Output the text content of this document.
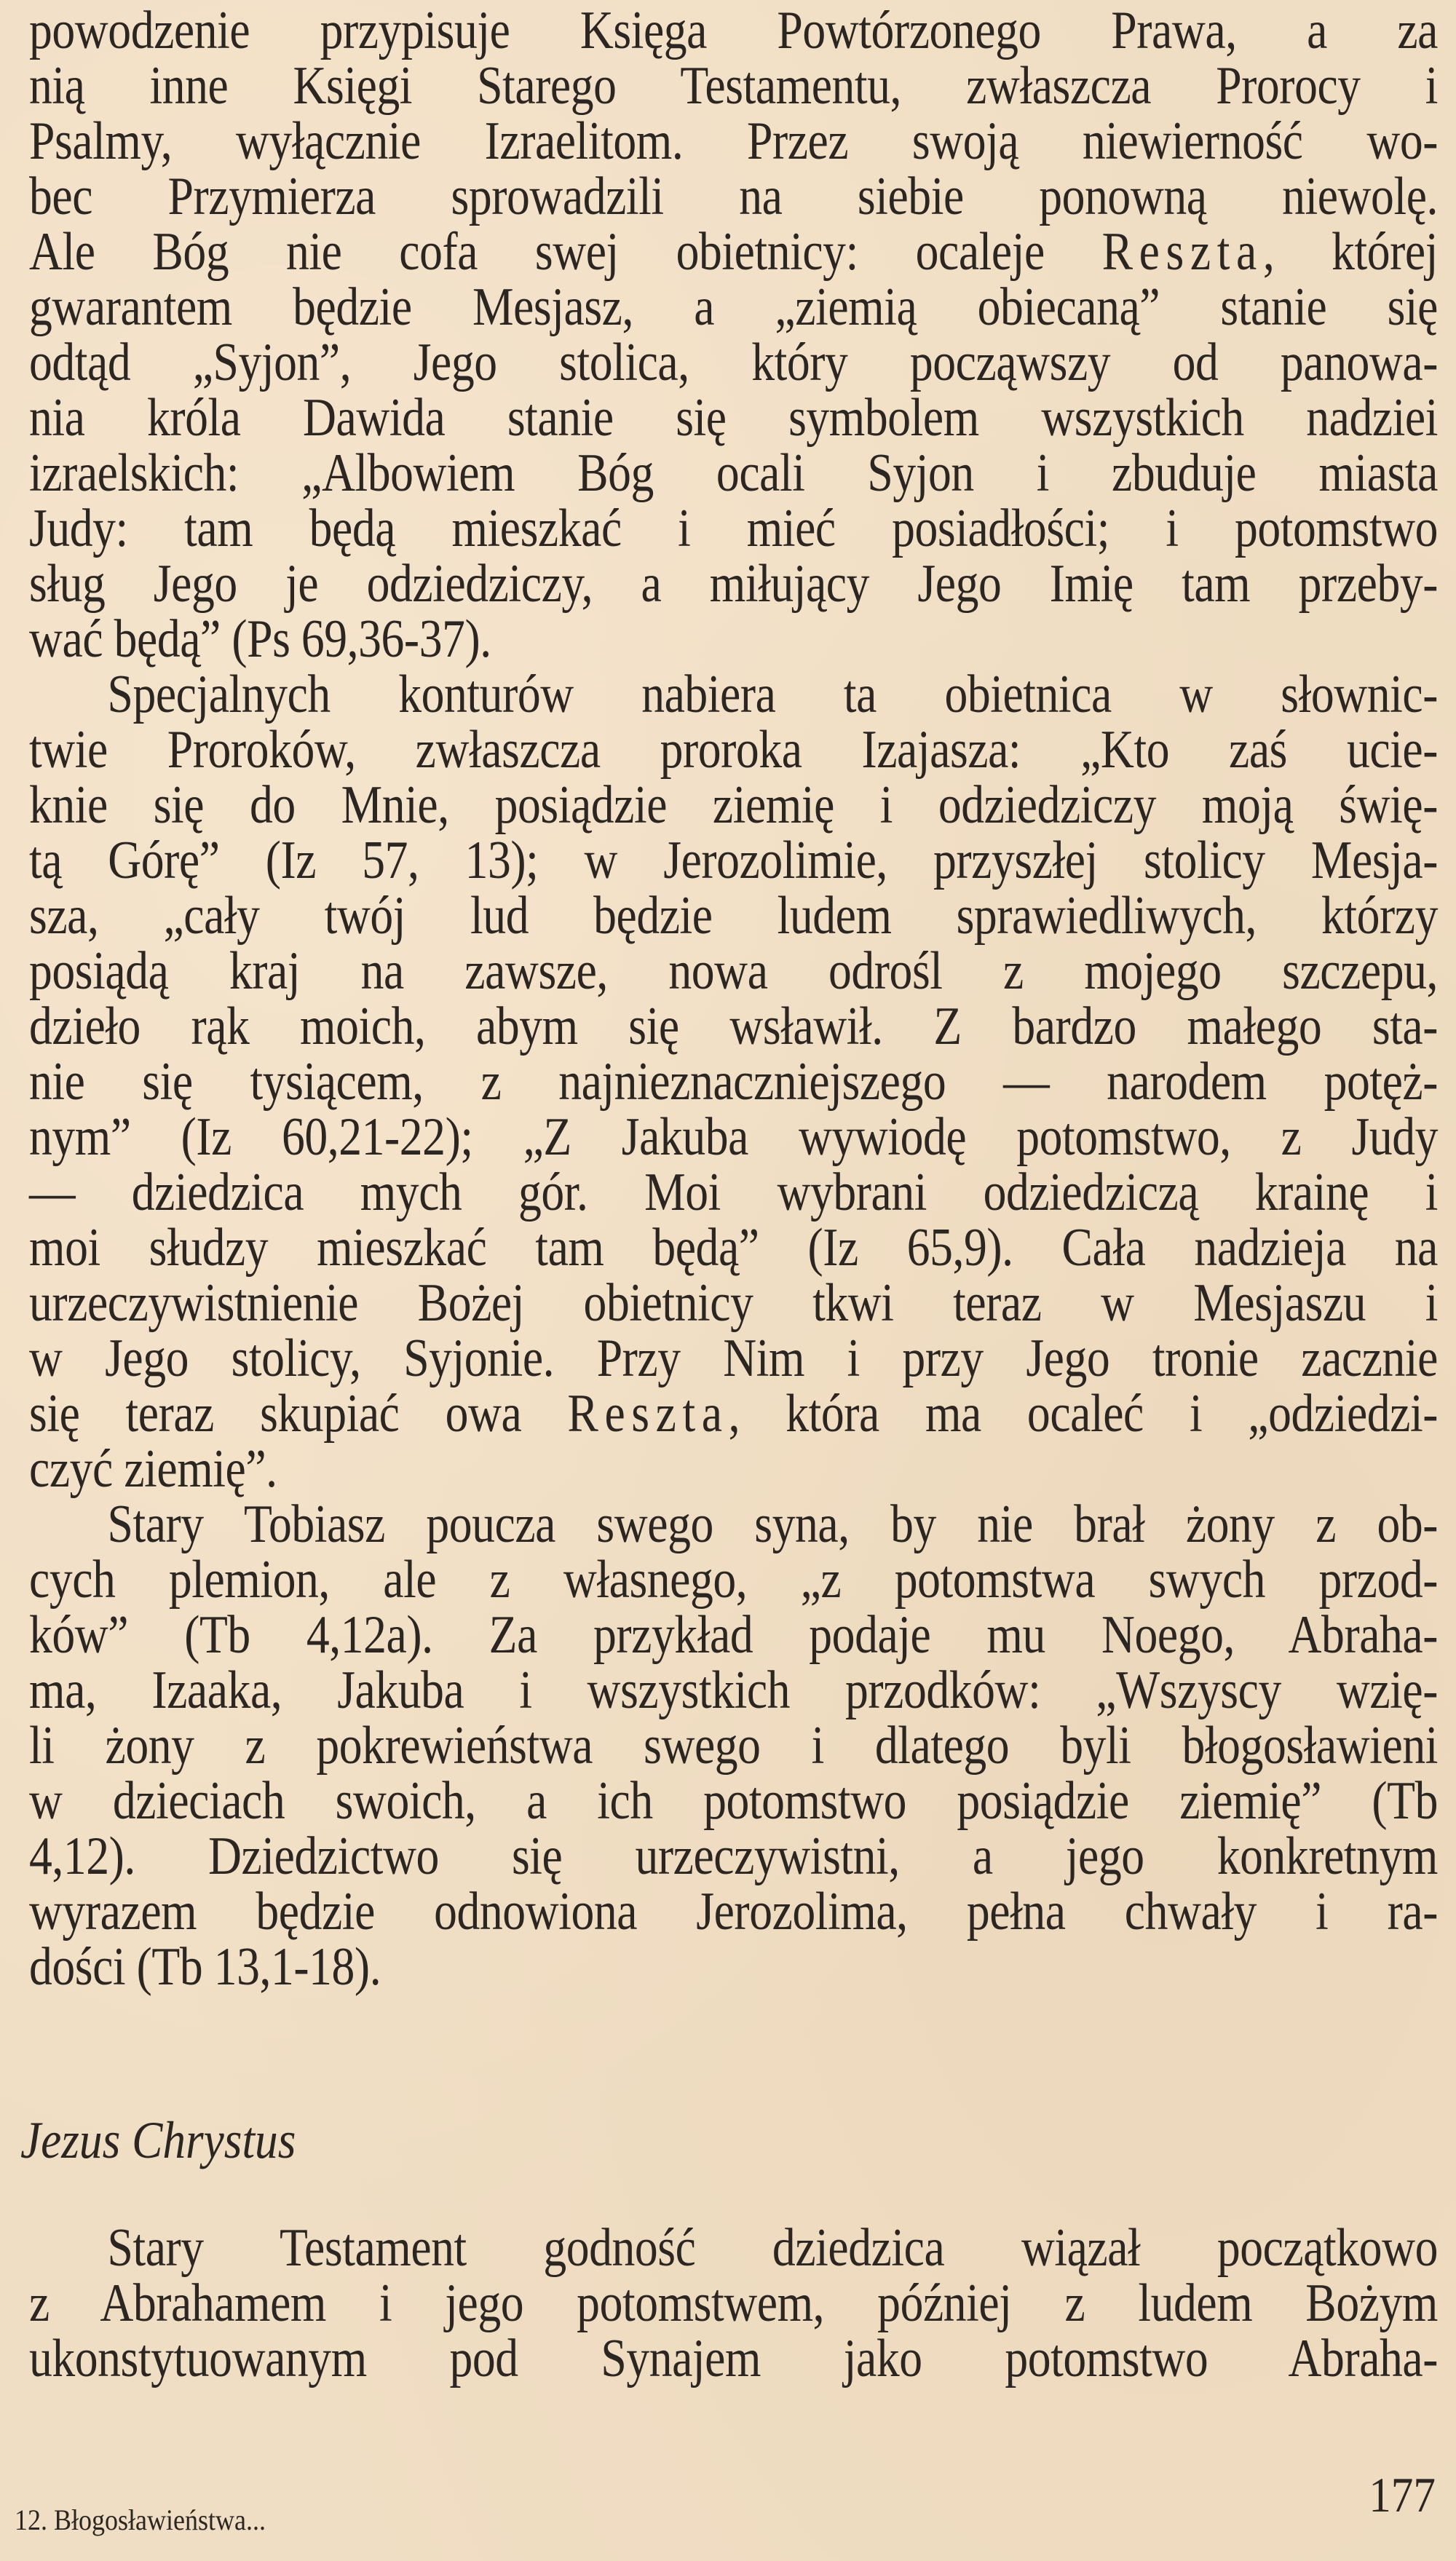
powodzenie przypisuje Księga Powtórzonego Prawa, a za
nią inne Księgi Starego Testamentu, zwłaszcza Prorocy i
Psalmy, wyłącznie Izraelitom. Przez swoją niewierność wo-
bec Przymierza sprowadzili na siebie ponowną niewolę.
Ale Bóg nie cofa swej obietnicy: ocaleje Reszta, której
gwarantem będzie Mesjasz, a „ziemią obiecaną” stanie się
odtąd „Syjon”, Jego stolica, który począwszy od panowa-
nia króla Dawida stanie się symbolem wszystkich nadziei
izraelskich: „Albowiem Bóg ocali Syjon i zbuduje miasta
Judy: tam będą mieszkać i mieć posiadłości; i potomstwo
sług Jego je odziedziczy, a miłujący Jego Imię tam przeby-
wać będą” (Ps 69,36-37).
Specjalnych konturów nabiera ta obietnica w słownic-
twie Proroków, zwłaszcza proroka Izajasza: „Kto zaś ucie-
knie się do Mnie, posiądzie ziemię i odziedziczy moją świę-
tą Górę” (Iz 57, 13); w Jerozolimie, przyszłej stolicy Mesja-
sza, „cały twój lud będzie ludem sprawiedliwych, którzy
posiądą kraj na zawsze, nowa odrośl z mojego szczepu,
dzieło rąk moich, abym się wsławił. Z bardzo małego sta-
nie się tysiącem, z najnieznaczniejszego — narodem potęż-
nym” (Iz 60,21-22); „Z Jakuba wywiodę potomstwo, z Judy
— dziedzica mych gór. Moi wybrani odziedziczą krainę i
moi słudzy mieszkać tam będą” (Iz 65,9). Cała nadzieja na
urzeczywistnienie Bożej obietnicy tkwi teraz w Mesjaszu i
w Jego stolicy, Syjonie. Przy Nim i przy Jego tronie zacznie
się teraz skupiać owa Reszta, która ma ocaleć i „odziedzi-
czyć ziemię”.
Stary Tobiasz poucza swego syna, by nie brał żony z ob-
cych plemion, ale z własnego, „z potomstwa swych przod-
ków” (Tb 4,12a). Za przykład podaje mu Noego, Abraha-
ma, Izaaka, Jakuba i wszystkich przodków: „Wszyscy wzię-
li żony z pokrewieństwa swego i dlatego byli błogosławieni
w dzieciach swoich, a ich potomstwo posiądzie ziemię” (Tb
4,12). Dziedzictwo się urzeczywistni, a jego konkretnym
wyrazem będzie odnowiona Jerozolima, pełna chwały i ra-
dości (Tb 13,1-18).
Jezus Chrystus
Stary Testament godność dziedzica wiązał początkowo
z Abrahamem i jego potomstwem, później z ludem Bożym
ukonstytuowanym pod Synajem jako potomstwo Abraha-
12. Błogosławieństwa...	177
